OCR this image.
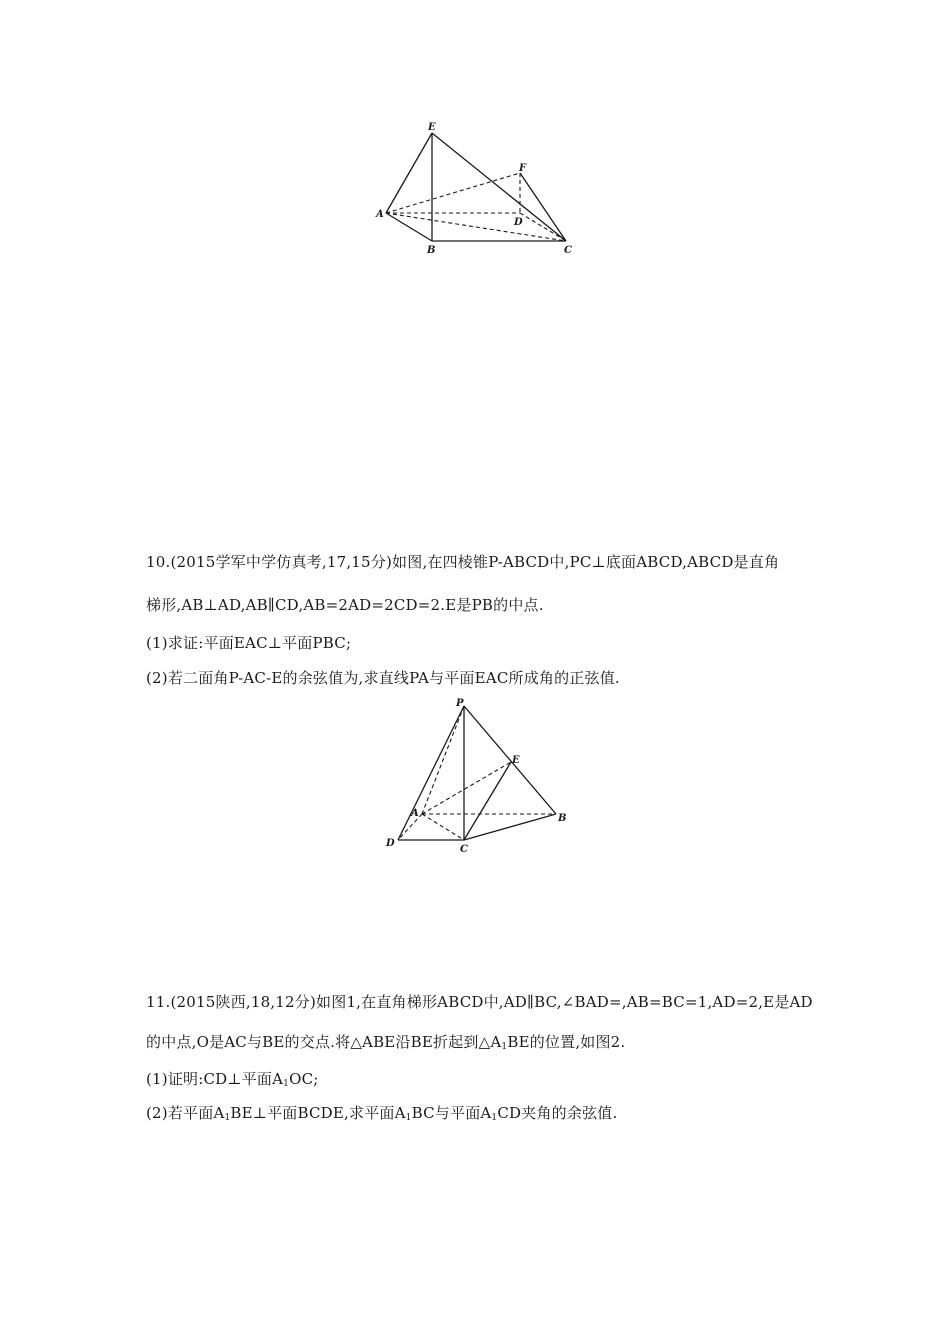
E
F
A
D
B	C
10.(2015学军中学仿真考,17,15分)如图,在四棱锥P-ABCD中,PC⊥底面ABCD,ABCD是直角
梯形,AB⊥AD,AB∥CD,AB=2AD=2CD=2.E是PB的中点.
(1)求证:平面EAC⊥平面PBC;
(2)若二面角P-AC-E的余弦值为,求直线PA与平面EAC所成角的正弦值.
P
E
A	B
D
C
11.(2015陕西,18,12分)如图1,在直角梯形ABCD中,AD∥BC,∠BAD=,AB=BC=1,AD=2,E是AD
的中点,O是AC与BE的交点.将△ABE沿BE折起到$\triangle A_1BE$的位置,如图2.
(1)证明:CD⊥平面$A_1OC$;
(2)若平面$A_1BE\perp$平面BCDE,求平面$A_1BC$与平面$A_1CD$夹角的余弦值.
